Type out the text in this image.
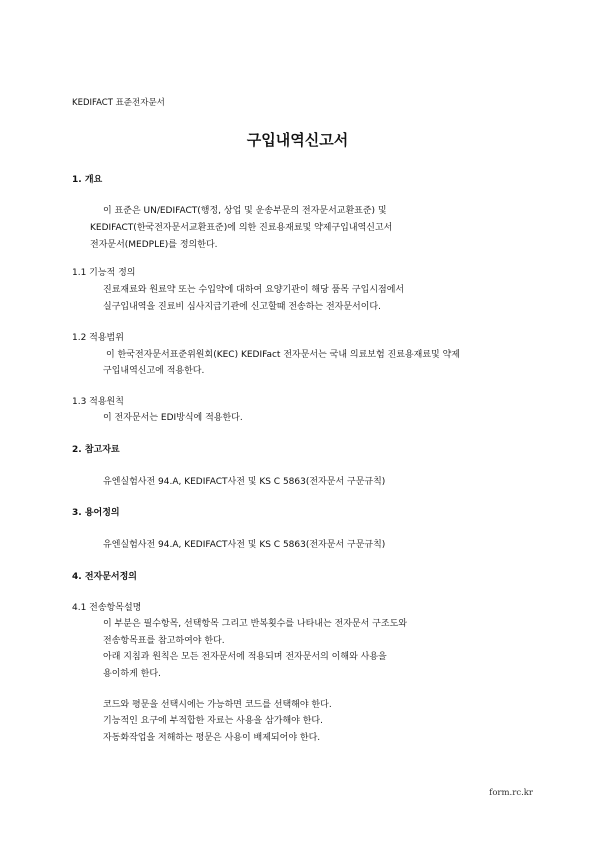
KEDIFACT 표준전자문서
구입내역신고서
1. 개요
이 표준은 UN/EDIFACT(행정, 상업 및 운송부문의 전자문서교환표준) 및
KEDIFACT(한국전자문서교환표준)에 의한 진료용재료및 약제구입내역신고서
전자문서(MEDPLE)를 정의한다.
1.1 기능적 정의
진료재료와 원료약 또는 수입약에 대하여 요양기관이 해당 품목 구입시점에서
실구입내역을 진료비 심사지급기관에 신고할때 전송하는 전자문서이다.
1.2 적용범위
이 한국전자문서표준위원회(KEC) KEDIFact 전자문서는 국내 의료보험 진료용재료및 약제
구입내역신고에 적용한다.
1.3 적용원칙
이 전자문서는 EDI방식에 적용한다.
2. 참고자료
유엔실험사전 94.A, KEDIFACT사전 및 KS C 5863(전자문서 구문규칙)
3. 용어정의
유엔실험사전 94.A, KEDIFACT사전 및 KS C 5863(전자문서 구문규칙)
4. 전자문서정의
4.1 전송항목설명
이 부분은 필수항목, 선택항목 그리고 반복횟수를 나타내는 전자문서 구조도와
전송항목표를 참고하여야 한다.
아래 지침과 원칙은 모든 전자문서에 적용되며 전자문서의 이해와 사용을
용이하게 한다.
코드와 평문을 선택시에는 가능하면 코드를 선택해야 한다.
기능적인 요구에 부적합한 자료는 사용을 삼가해야 한다.
자동화작업을 저해하는 평문은 사용이 배제되어야 한다.
form.rc.kr
